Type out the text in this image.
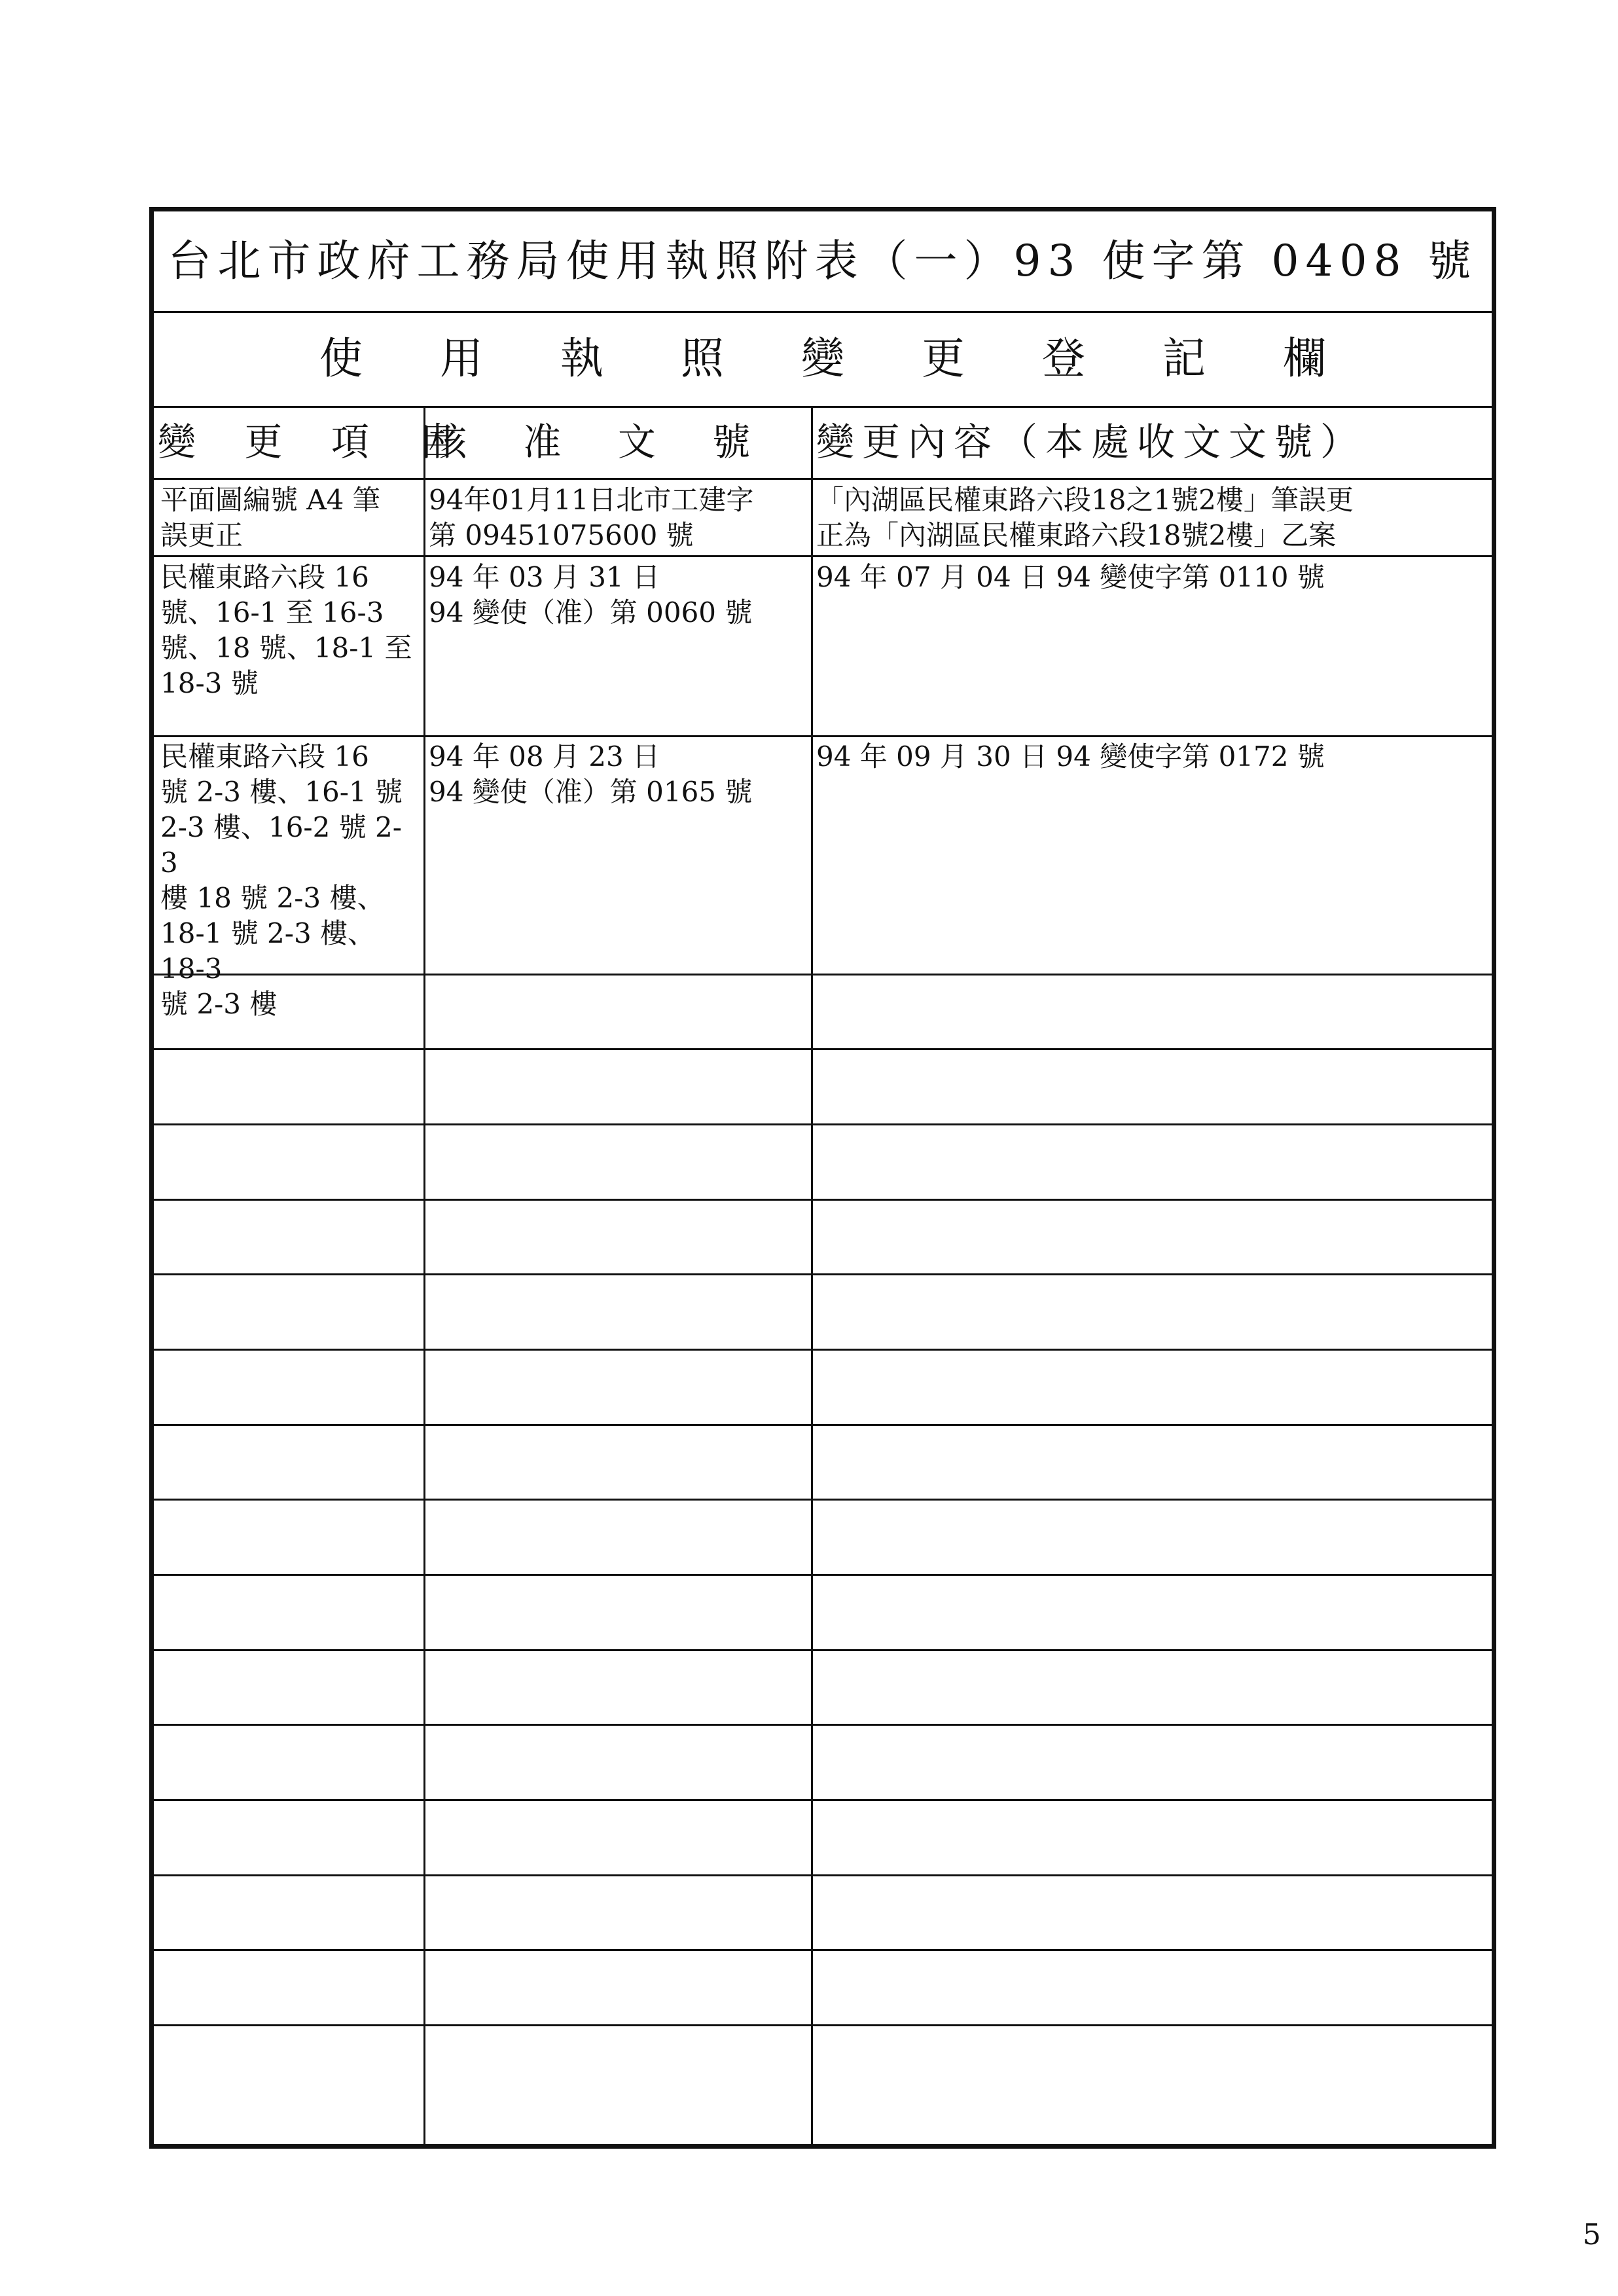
台北市政府工務局使用執照附表（一）93 使字第 0408 號
使用執照變更登記欄
變 更 項 目
核 准 文 號	變更內容（本處收文文號）
平面圖編號 A4 筆
誤更正
94年01月11日北市工建字
第 09451075600 號
「內湖區民權東路六段18之1號2樓」筆誤更
正為「內湖區民權東路六段18號2樓」乙案
民權東路六段 16
號、16-1 至 16-3
號、18 號、18-1 至
18-3 號
94 年 03 月 31 日
94 變使（准）第 0060 號
94 年 07 月 04 日 94 變使字第 0110 號
民權東路六段 16
號 2-3 樓、16-1 號
2-3 樓、16-2 號 2-3
樓 18 號 2-3 樓、
18-1 號 2-3 樓、18-3
號 2-3 樓
94 年 08 月 23 日
94 變使（准）第 0165 號
94 年 09 月 30 日 94 變使字第 0172 號
5
